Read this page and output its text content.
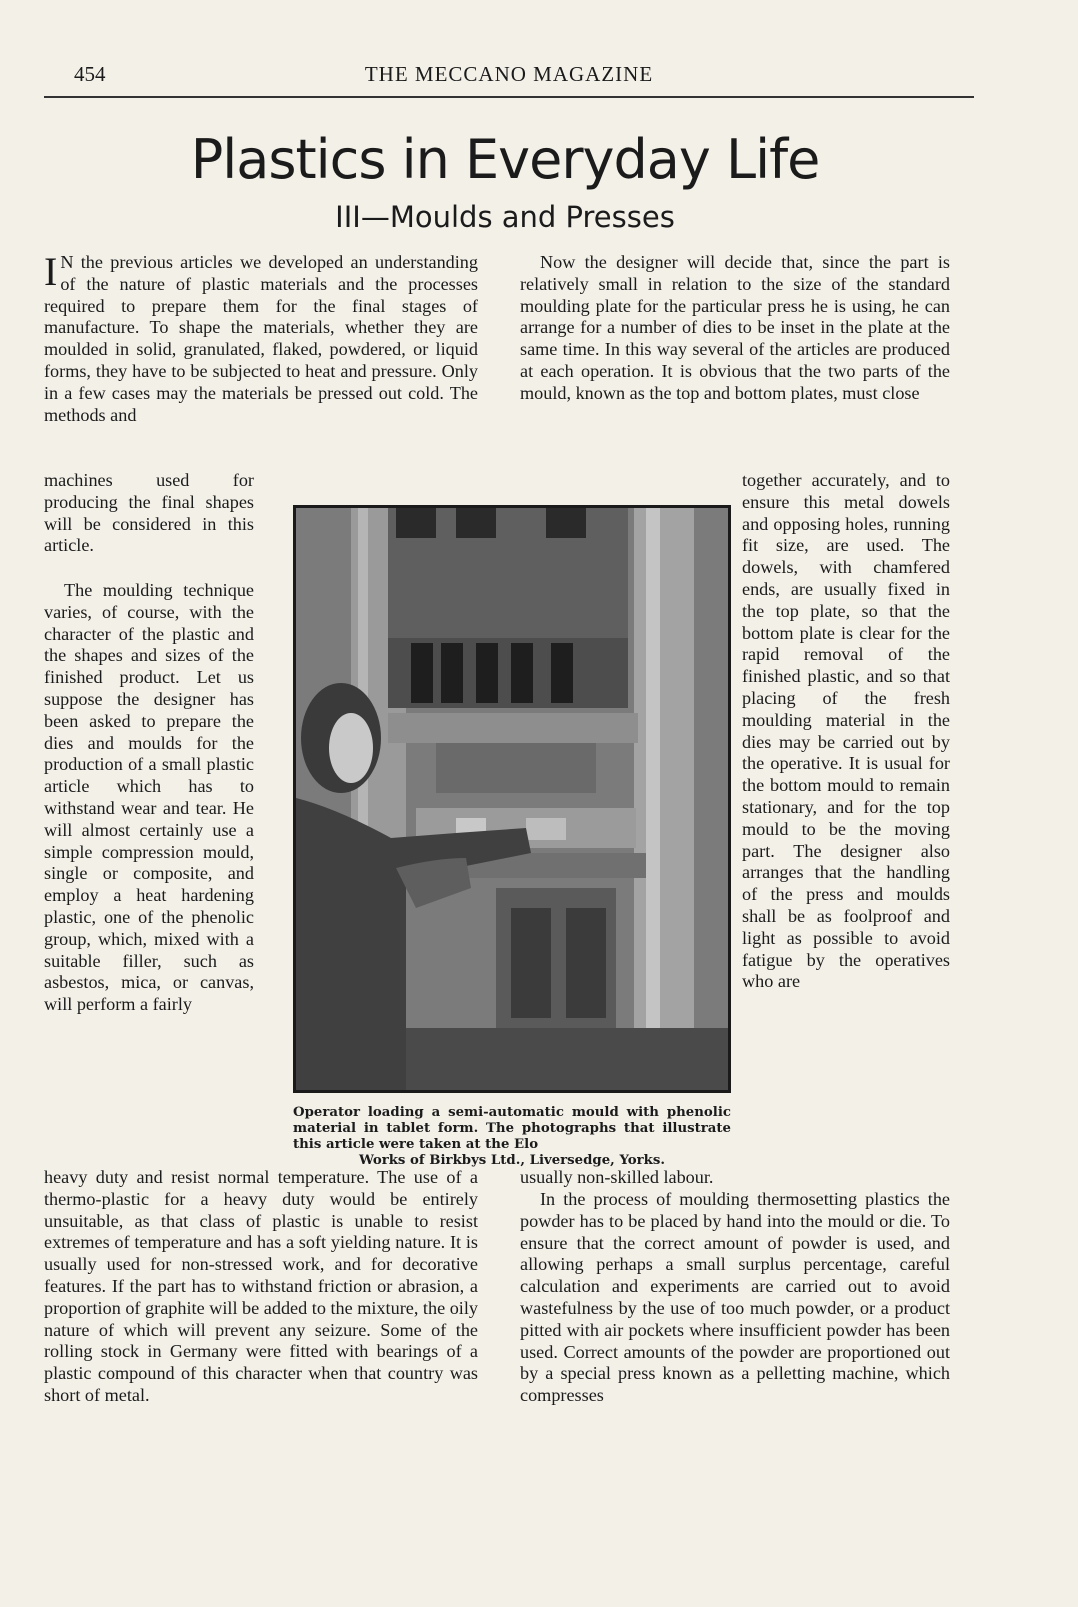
454	THE MECCANO MAGAZINE
Plastics in Everyday Life
III—Moulds and Presses

I N the previous articles we developed an understanding of the nature of plastic materials and the processes required to prepare them for the final stages of manufacture. To shape the materials, whether they are moulded in solid, granulated, flaked, powdered, or liquid forms, they have to be subjected to heat and pressure. Only in a few cases may the materials be pressed out cold. The methods and

machines used for producing the final shapes will be considered in this article.

The moulding technique varies, of course, with the character of the plastic and the shapes and sizes of the finished product. Let us suppose the designer has been asked to prepare the dies and moulds for the production of a small plastic article which has to withstand wear and tear. He will almost certainly use a simple compression mould, single or composite, and employ a heat hardening plastic, one of the phenolic group, which, mixed with a suitable filler, such as asbestos, mica, or canvas, will perform a fairly

heavy duty and resist normal temperature. The use of a thermo-plastic for a heavy duty would be entirely unsuitable, as that class of plastic is unable to resist extremes of temperature and has a soft yielding nature. It is usually used for non-stressed work, and for decorative features. If the part has to withstand friction or abrasion, a proportion of graphite will be added to the mixture, the oily nature of which will prevent any seizure. Some of the rolling stock in Germany were fitted with bearings of a plastic compound of this character when that country was short of metal.

Now the designer will decide that, since the part is relatively small in relation to the size of the standard moulding plate for the particular press he is using, he can arrange for a number of dies to be inset in the plate at the same time. In this way several of the articles are produced at each operation. It is obvious that the two parts of the mould, known as the top and bottom plates, must close

together accurately, and to ensure this metal dowels and opposing holes, running fit size, are used. The dowels, with chamfered ends, are usually fixed in the top plate, so that the bottom plate is clear for the rapid removal of the finished plastic, and so that placing of the fresh moulding material in the dies may be carried out by the operative. It is usual for the bottom mould to remain stationary, and for the top mould to be the moving part. The designer also arranges that the handling of the press and moulds shall be as foolproof and light as possible to avoid fatigue by the operatives who are

usually non-skilled labour.

In the process of moulding thermosetting plastics the powder has to be placed by hand into the mould or die. To ensure that the correct amount of powder is used, and allowing perhaps a small surplus percentage, careful calculation and experiments are carried out to avoid wastefulness by the use of too much powder, or a product pitted with air pockets where insufficient powder has been used. Correct amounts of the powder are proportioned out by a special press known as a pelletting machine, which compresses

Operator loading a semi-automatic mould with phenolic material in tablet form. The photographs that illustrate this article were taken at the Elo
Works of Birkbys Ltd., Liversedge, Yorks.
